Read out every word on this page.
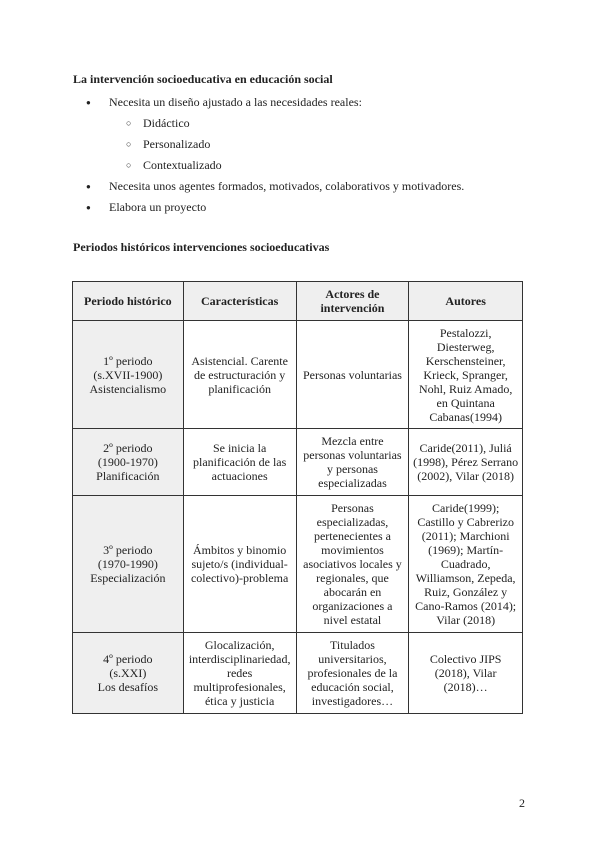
La intervención socioeducativa en educación social
● Necesita un diseño ajustado a las necesidades reales:
○ Didáctico
○ Personalizado
○ Contextualizado
● Necesita unos agentes formados, motivados, colaborativos y motivadores.
● Elabora un proyecto
Periodos históricos intervenciones socioeducativas
Periodo histórico	Características	Actores de intervención	Autores

1º periodo
(s.XVII-1900)
Asistencialismo	Asistencial. Carente de estructuración y planificación	Personas voluntarias	Pestalozzi, Diesterweg, Kerschensteiner, Krieck, Spranger, Nohl, Ruiz Amado, en Quintana Cabanas(1994)

2º periodo
(1900-1970)
Planificación	Se inicia la planificación de las actuaciones	Mezcla entre personas voluntarias y personas especializadas	Caride(2011), Juliá (1998), Pérez Serrano (2002), Vilar (2018)

3º periodo
(1970-1990)
Especialización	Ámbitos y binomio sujeto/s (individual-colectivo)-problema	Personas especializadas, pertenecientes a movimientos asociativos locales y regionales, que abocarán en organizaciones a nivel estatal	Caride(1999); Castillo y Cabrerizo (2011); Marchioni (1969); Martín-Cuadrado, Williamson, Zepeda, Ruiz, González y Cano-Ramos (2014); Vilar (2018)

4º periodo
(s.XXI)
Los desafíos	Glocalización, interdisciplinariedad, redes multiprofesionales, ética y justicia	Titulados universitarios, profesionales de la educación social, investigadores…	Colectivo JIPS (2018), Vilar (2018)…
2
